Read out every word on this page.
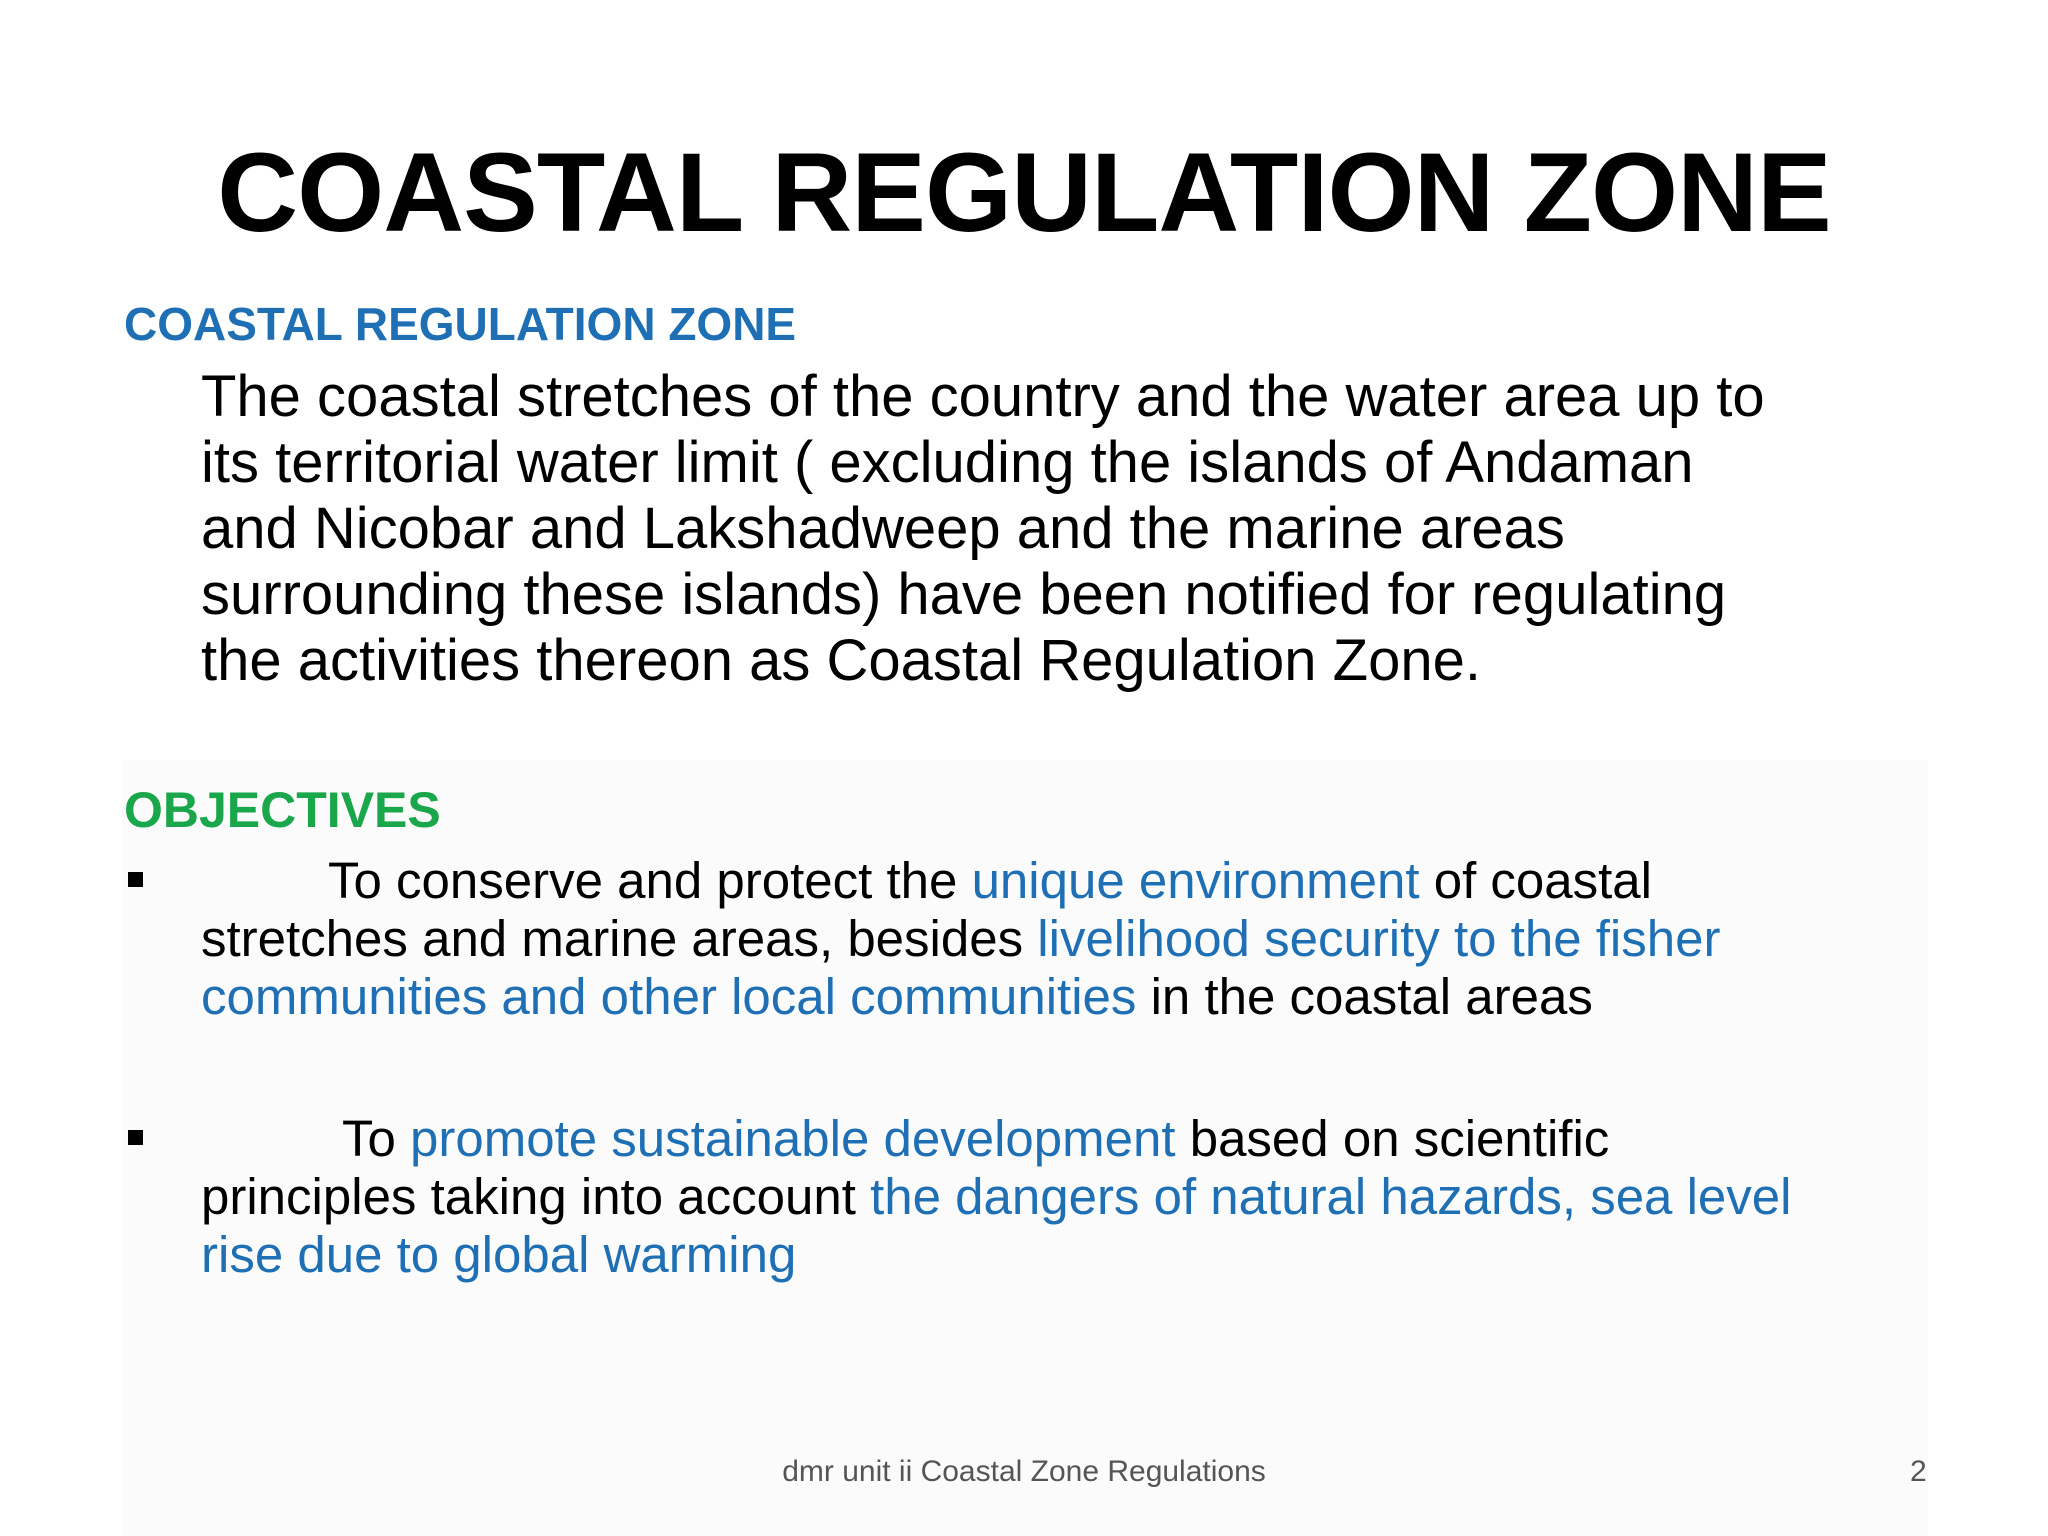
COASTAL REGULATION ZONE
COASTAL REGULATION ZONE
The coastal stretches of the country and the water area up to
its territorial water limit ( excluding the islands of Andaman
and Nicobar and Lakshadweep and the marine areas
surrounding these islands) have been notified for regulating
the activities thereon as Coastal Regulation Zone.
OBJECTIVES
To conserve and protect the unique environment of coastal
stretches and marine areas, besides livelihood security to the fisher
communities and other local communities in the coastal areas
To promote sustainable development based on scientific
principles taking into account the dangers of natural hazards, sea level
rise due to global warming
dmr unit ii Coastal Zone Regulations	2
